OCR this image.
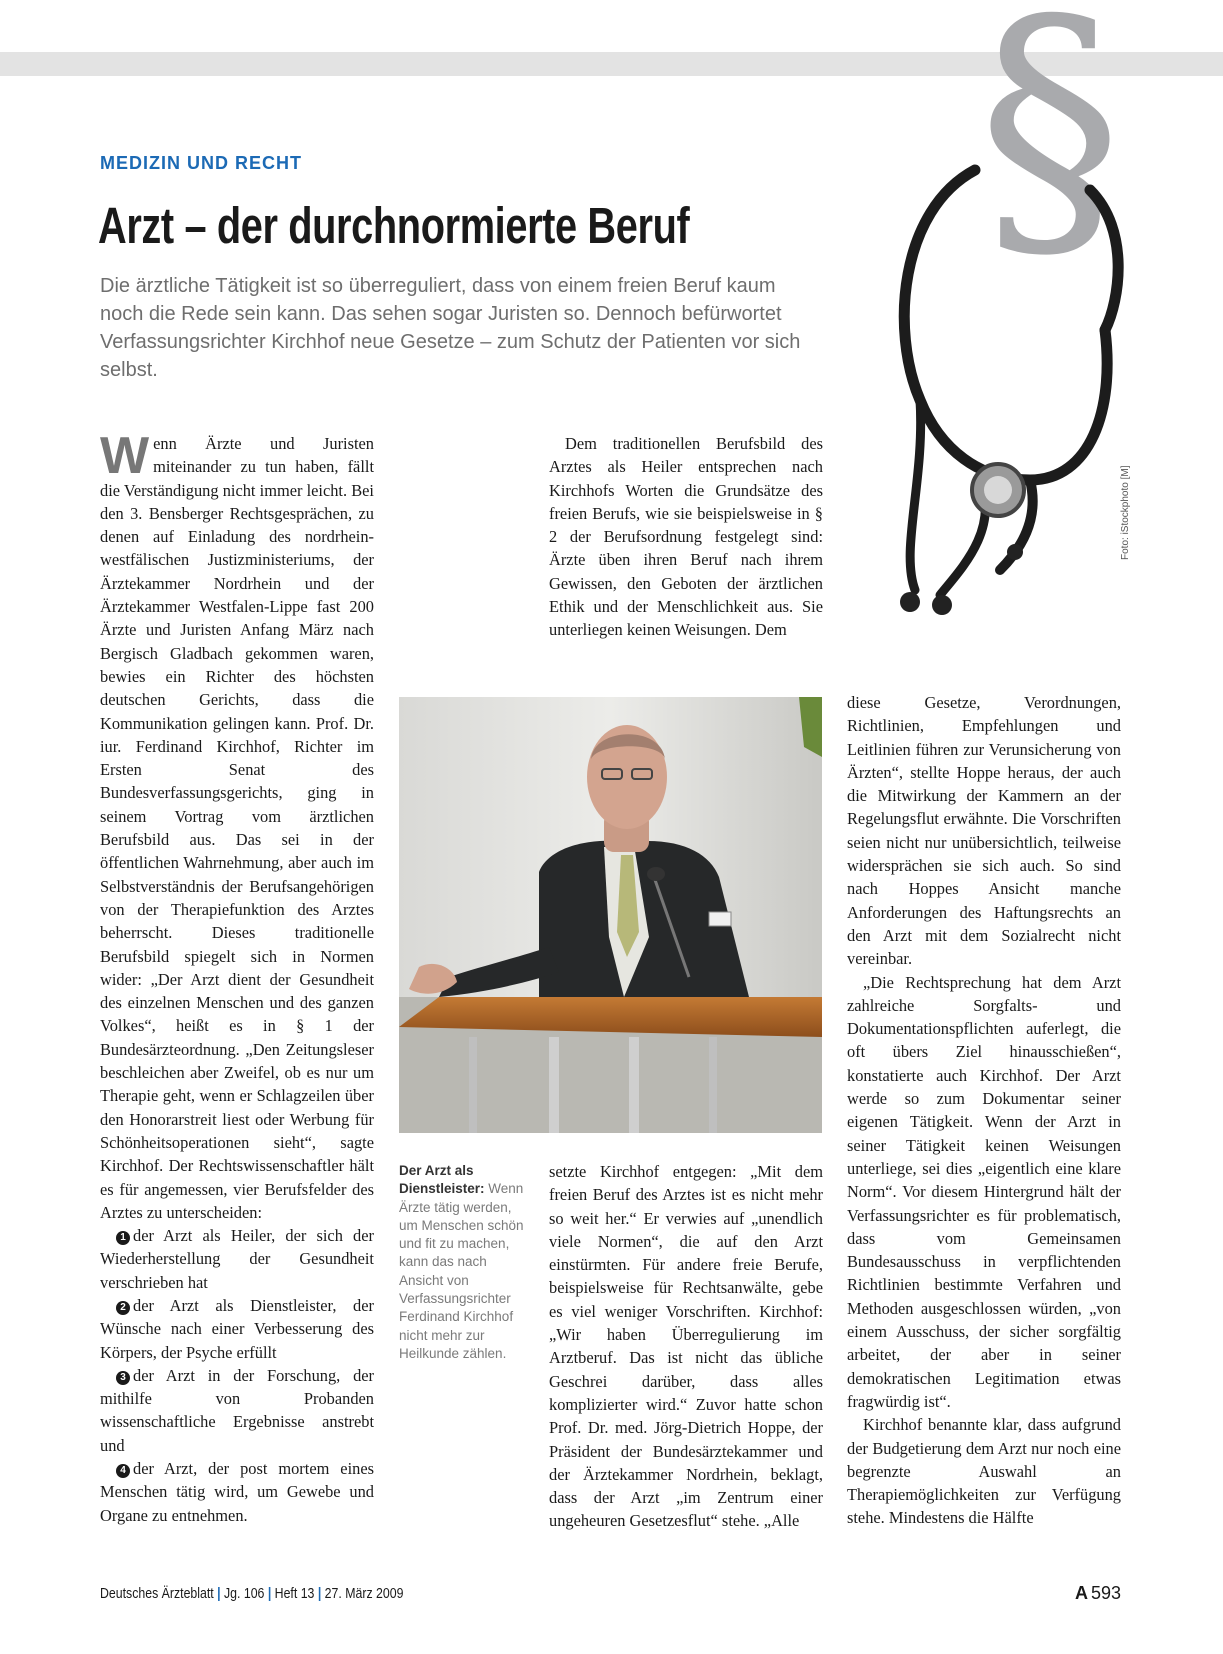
§
Foto: iStockphoto [M]
MEDIZIN UND RECHT
Arzt – der durchnormierte Beruf

Die ärztliche Tätigkeit ist so überreguliert, dass von einem freien Beruf kaum noch die Rede sein kann. Das sehen sogar Juristen so. Dennoch befürwortet Verfassungsrichter Kirchhof neue Gesetze – zum Schutz der Patienten vor sich selbst.

Wenn Ärzte und Juristen miteinander zu tun haben, fällt die Verständigung nicht immer leicht. Bei den 3. Bensberger Rechtsgesprächen, zu denen auf Einladung des nordrhein-westfälischen Justizministeriums, der Ärztekammer Nordrhein und der Ärztekammer Westfalen-Lippe fast 200 Ärzte und Juristen Anfang März nach Bergisch Gladbach gekommen waren, bewies ein Richter des höchsten deutschen Gerichts, dass die Kommunikation gelingen kann. Prof. Dr. iur. Ferdinand Kirchhof, Richter im Ersten Senat des Bundesverfassungsgerichts, ging in seinem Vortrag vom ärztlichen Berufsbild aus. Das sei in der öffentlichen Wahrnehmung, aber auch im Selbstverständnis der Berufsangehörigen von der Therapiefunktion des Arztes beherrscht. Dieses traditionelle Berufsbild spiegelt sich in Normen wider: „Der Arzt dient der Gesundheit des einzelnen Menschen und des ganzen Volkes“, heißt es in § 1 der Bundesärzteordnung. „Den Zeitungsleser beschleichen aber Zweifel, ob es nur um Therapie geht, wenn er Schlagzeilen über den Honorarstreit liest oder Werbung für Schönheitsoperationen sieht“, sagte Kirchhof. Der Rechtswissenschaftler hält es für angemessen, vier Berufsfelder des Arztes zu unterscheiden:

1 der Arzt als Heiler, der sich der Wiederherstellung der Gesundheit verschrieben hat

2 der Arzt als Dienstleister, der Wünsche nach einer Verbesserung des Körpers, der Psyche erfüllt

3 der Arzt in der Forschung, der mithilfe von Probanden wissenschaftliche Ergebnisse anstrebt und

4 der Arzt, der post mortem eines Menschen tätig wird, um Gewebe und Organe zu entnehmen.

Dem traditionellen Berufsbild des Arztes als Heiler entsprechen nach Kirchhofs Worten die Grundsätze des freien Berufs, wie sie beispielsweise in § 2 der Berufsordnung festgelegt sind: Ärzte üben ihren Beruf nach ihrem Gewissen, den Geboten der ärztlichen Ethik und der Menschlichkeit aus. Sie unterliegen keinen Weisungen. Dem

Der Arzt als Dienstleister: Wenn Ärzte tätig werden, um Menschen schön und fit zu machen, kann das nach Ansicht von Verfassungsrichter Ferdinand Kirchhof nicht mehr zur Heilkunde zählen.

setzte Kirchhof entgegen: „Mit dem freien Beruf des Arztes ist es nicht mehr so weit her.“ Er verwies auf „unendlich viele Normen“, die auf den Arzt einstürmten. Für andere freie Berufe, beispielsweise für Rechtsanwälte, gebe es viel weniger Vorschriften. Kirchhof: „Wir haben Überregulierung im Arztberuf. Das ist nicht das übliche Geschrei darüber, dass alles komplizierter wird.“ Zuvor hatte schon Prof. Dr. med. Jörg-Dietrich Hoppe, der Präsident der Bundesärztekammer und der Ärztekammer Nordrhein, beklagt, dass der Arzt „im Zentrum einer ungeheuren Gesetzesflut“ stehe. „Alle

diese Gesetze, Verordnungen, Richtlinien, Empfehlungen und Leitlinien führen zur Verunsicherung von Ärzten“, stellte Hoppe heraus, der auch die Mitwirkung der Kammern an der Regelungsflut erwähnte. Die Vorschriften seien nicht nur unübersichtlich, teilweise widersprächen sie sich auch. So sind nach Hoppes Ansicht manche Anforderungen des Haftungsrechts an den Arzt mit dem Sozialrecht nicht vereinbar.

„Die Rechtsprechung hat dem Arzt zahlreiche Sorgfalts- und Dokumentationspflichten auferlegt, die oft übers Ziel hinausschießen“, konstatierte auch Kirchhof. Der Arzt werde so zum Dokumentar seiner eigenen Tätigkeit. Wenn der Arzt in seiner Tätigkeit keinen Weisungen unterliege, sei dies „eigentlich eine klare Norm“. Vor diesem Hintergrund hält der Verfassungsrichter es für problematisch, dass vom Gemeinsamen Bundesausschuss in verpflichtenden Richtlinien bestimmte Verfahren und Methoden ausgeschlossen würden, „von einem Ausschuss, der sicher sorgfältig arbeitet, der aber in seiner demokratischen Legitimation etwas fragwürdig ist“.

Kirchhof benannte klar, dass aufgrund der Budgetierung dem Arzt nur noch eine begrenzte Auswahl an Therapiemöglichkeiten zur Verfügung stehe. Mindestens die Hälfte

Deutsches Ärzteblatt | Jg. 106 | Heft 13 | 27. März 2009	A 593
